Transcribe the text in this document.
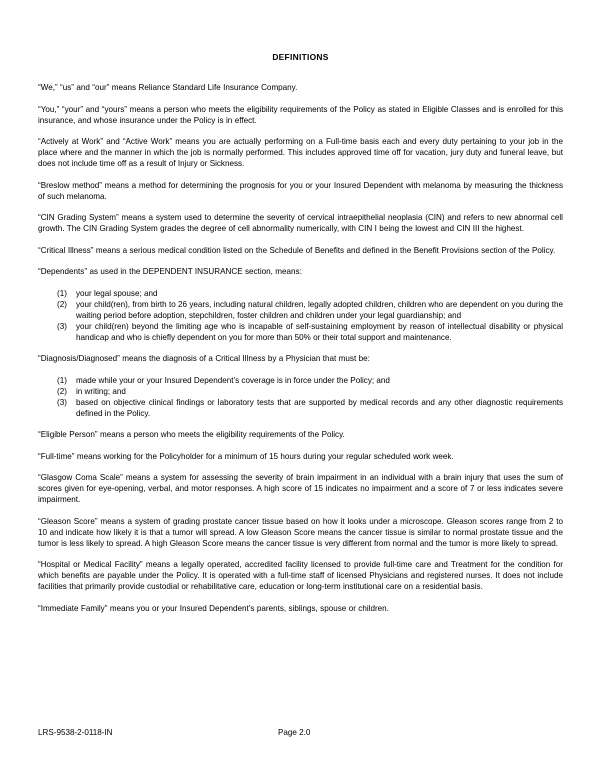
DEFINITIONS

“We,” “us” and “our” means Reliance Standard Life Insurance Company.

“You,” “your” and “yours” means a person who meets the eligibility requirements of the Policy as stated in Eligible Classes and is enrolled for this insurance, and whose insurance under the Policy is in effect.

“Actively at Work” and “Active Work” means you are actually performing on a Full-time basis each and every duty pertaining to your job in the place where and the manner in which the job is normally performed. This includes approved time off for vacation, jury duty and funeral leave, but does not include time off as a result of Injury or Sickness.

“Breslow method” means a method for determining the prognosis for you or your Insured Dependent with melanoma by measuring the thickness of such melanoma.

“CIN Grading System” means a system used to determine the severity of cervical intraepithelial neoplasia (CIN) and refers to new abnormal cell growth. The CIN Grading System grades the degree of cell abnormality numerically, with CIN I being the lowest and CIN III the highest.

“Critical Illness” means a serious medical condition listed on the Schedule of Benefits and defined in the Benefit Provisions section of the Policy.

“Dependents” as used in the DEPENDENT INSURANCE section, means:

(1)	your legal spouse; and
(2)	your child(ren), from birth to 26 years, including natural children, legally adopted children, children who are dependent on you during the waiting period before adoption, stepchildren, foster children and children under your legal guardianship; and
(3)	your child(ren) beyond the limiting age who is incapable of self-sustaining employment by reason of intellectual disability or physical handicap and who is chiefly dependent on you for more than 50% or their total support and maintenance.

“Diagnosis/Diagnosed” means the diagnosis of a Critical Illness by a Physician that must be:

(1)	made while your or your Insured Dependent’s coverage is in force under the Policy; and
(2)	in writing; and
(3)	based on objective clinical findings or laboratory tests that are supported by medical records and any other diagnostic requirements defined in the Policy.

“Eligible Person” means a person who meets the eligibility requirements of the Policy.

“Full-time” means working for the Policyholder for a minimum of 15 hours during your regular scheduled work week.

“Glasgow Coma Scale” means a system for assessing the severity of brain impairment in an individual with a brain injury that uses the sum of scores given for eye-opening, verbal, and motor responses. A high score of 15 indicates no impairment and a score of 7 or less indicates severe impairment.

“Gleason Score” means a system of grading prostate cancer tissue based on how it looks under a microscope. Gleason scores range from 2 to 10 and indicate how likely it is that a tumor will spread. A low Gleason Score means the cancer tissue is similar to normal prostate tissue and the tumor is less likely to spread. A high Gleason Score means the cancer tissue is very different from normal and the tumor is more likely to spread.

“Hospital or Medical Facility” means a legally operated, accredited facility licensed to provide full-time care and Treatment for the condition for which benefits are payable under the Policy. It is operated with a full-time staff of licensed Physicians and registered nurses. It does not include facilities that primarily provide custodial or rehabilitative care, education or long-term institutional care on a residential basis.

“Immediate Family” means you or your Insured Dependent’s parents, siblings, spouse or children.

LRS-9538-2-0118-IN	Page 2.0
